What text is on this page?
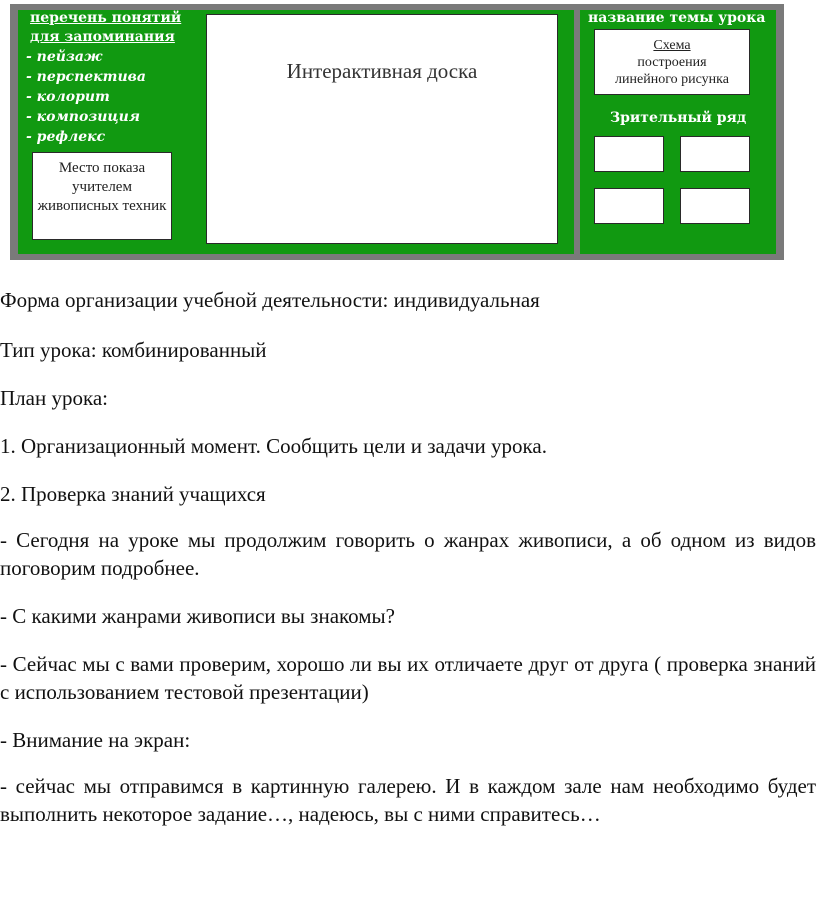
перечень понятий
для запоминания
- пейзаж
- перспектива
- колорит
- композиция
- рефлекс
Место показа учителем живописных техник
Интерактивная доска
название темы урока
Схема
построения
линейного рисунка
Зрительный ряд

Форма организации учебной деятельности: индивидуальная

Тип урока: комбинированный

План урока:

1. Организационный момент. Сообщить цели и задачи урока.

2. Проверка знаний учащихся

- Сегодня на уроке мы продолжим говорить о жанрах живописи, а об одном из видов поговорим подробнее.

- С какими жанрами живописи вы знакомы?

- Сейчас мы с вами проверим, хорошо ли вы их отличаете друг от друга ( проверка знаний с использованием тестовой презентации)

- Внимание на экран:

- сейчас мы отправимся в картинную галерею. И в каждом зале нам необходимо будет выполнить некоторое задание…, надеюсь, вы с ними справитесь…
